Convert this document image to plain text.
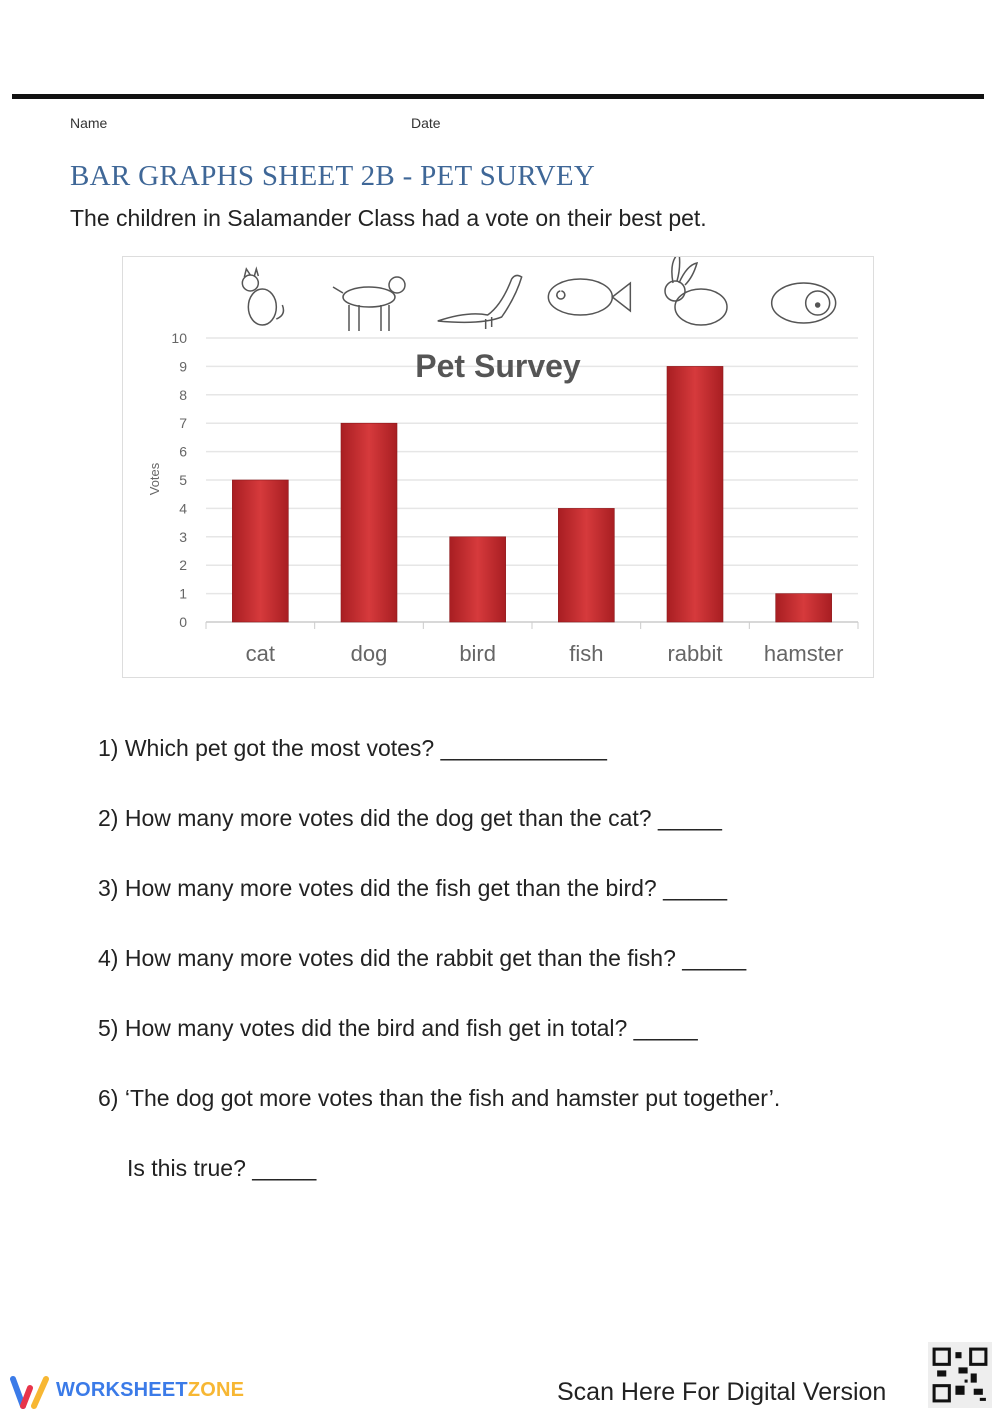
Name	Date
BAR GRAPHS SHEET 2B - PET SURVEY
The children in Salamander Class had a vote on their best pet.
0
1
2
3
4
5
6
7
8
9
10
cat	dog	bird	fish	rabbit hamster
Pet Survey
Votes
1) Which pet got the most votes? _____________
2) How many more votes did the dog get than the cat? _____
3) How many more votes did the fish get than the bird? _____
4) How many more votes did the rabbit get than the fish? _____
5) How many votes did the bird and fish get in total? _____
6) ‘The dog got more votes than the fish and hamster put together’.
Is this true? _____
WORKSHEETZONE	Scan Here For Digital Version
